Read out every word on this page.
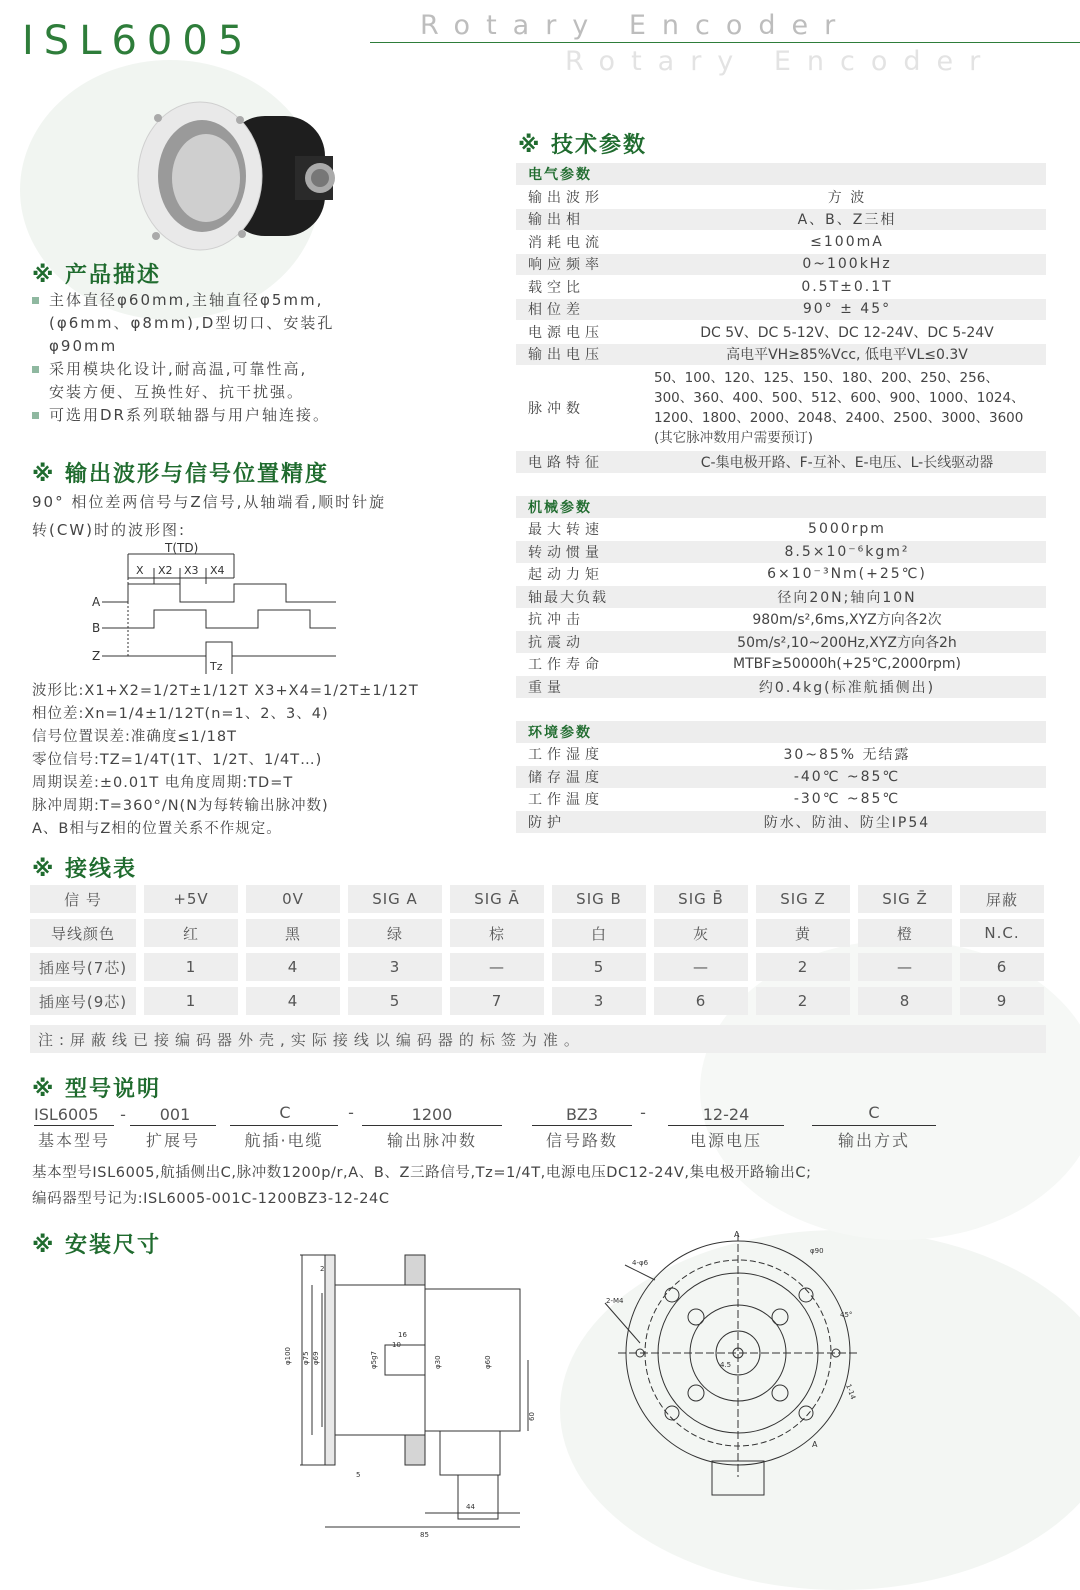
ISL6005	Rotary Encoder
Rotary Encoder
※ 产品描述
主体直径φ60mm,主轴直径φ5mm,
(φ6mm、φ8mm),D型切口、安装孔
φ90mm
采用模块化设计,耐高温,可靠性高,
安装方便、互换性好、抗干扰强。
可选用DR系列联轴器与用户轴连接。
※ 输出波形与信号位置精度
90° 相位差两信号与Z信号,从轴端看,顺时针旋
转(CW)时的波形图:
T(TD)
X X2 X3 X4
A
B
Z
Tz
波形比:X1+X2=1/2T±1/12T X3+X4=1/2T±1/12T
相位差:Xn=1/4±1/12T(n=1、2、3、4)
信号位置误差:准确度≤1/18T
零位信号:TZ=1/4T(1T、1/2T、1/4T…)
周期误差:±0.01T 电角度周期:TD=T
脉冲周期:T=360°/N(N为每转输出脉冲数)
A、B相与Z相的位置关系不作规定。
※ 技术参数
电气参数
输出波形	方 波
输出相	A、B、Z三相
消耗电流	≤100mA
响应频率	0~100kHz
载空比	0.5T±0.1T
相位差	90° ± 45°
电源电压	DC 5V、DC 5-12V、DC 12-24V、DC 5-24V
输出电压	高电平VH≥85%Vcc, 低电平VL≤0.3V
脉冲数
50、100、120、125、150、180、200、250、256、
300、360、400、500、512、600、900、1000、1024、
1200、1800、2000、2048、2400、2500、3000、3600
(其它脉冲数用户需要预订)
电路特征	C-集电极开路、F-互补、E-电压、L-长线驱动器
机械参数
最大转速	5000rpm
转动惯量	8.5×10⁻⁶kgm²
起动力矩	6×10⁻³Nm(+25℃)
轴最大负载	径向20N;轴向10N
抗冲击	980m/s²,6ms,XYZ方向各2次
抗震动	50m/s²,10~200Hz,XYZ方向各2h
工作寿命	MTBF≥50000h(+25℃,2000rpm)
重量	约0.4kg(标准航插侧出)
环境参数
工作湿度	30~85% 无结露
储存温度	-40℃ ~85℃
工作温度	-30℃ ~85℃
防护	防水、防油、防尘IP54
※ 接线表
信 号	+5V	0V	SIG A	SIG Ā	SIG B	SIG B̄	SIG Z	SIG Z̄	屏蔽
导线颜色	红	黑	绿	棕	白	灰	黄	橙	N.C.
插座号(7芯)	1	4	3	—	5	—	2	—	6
插座号(9芯)	1	4	5	7	3	6	2	8	9
注:屏蔽线已接编码器外壳,实际接线以编码器的标签为准。
※ 型号说明
ISL6005	-	001	C	-	1200	BZ3	-	12-24	C
基本型号	扩展号	航插·电缆	输出脉冲数	信号路数	电源电压	输出方式
基本型号ISL6005,航插侧出C,脉冲数1200p/r,A、B、Z三路信号,Tz=1/4T,电源电压DC12-24V,集电极开路输出C;
编码器型号记为:ISL6005-001C-1200BZ3-12-24C
※ 安装尺寸
φ100 φ75 φ69	φ5g7	φ30	φ60
2
16
10
5
44
85
60
A
A
φ90
4-φ6
2-M4
45°
1-14
4.5
